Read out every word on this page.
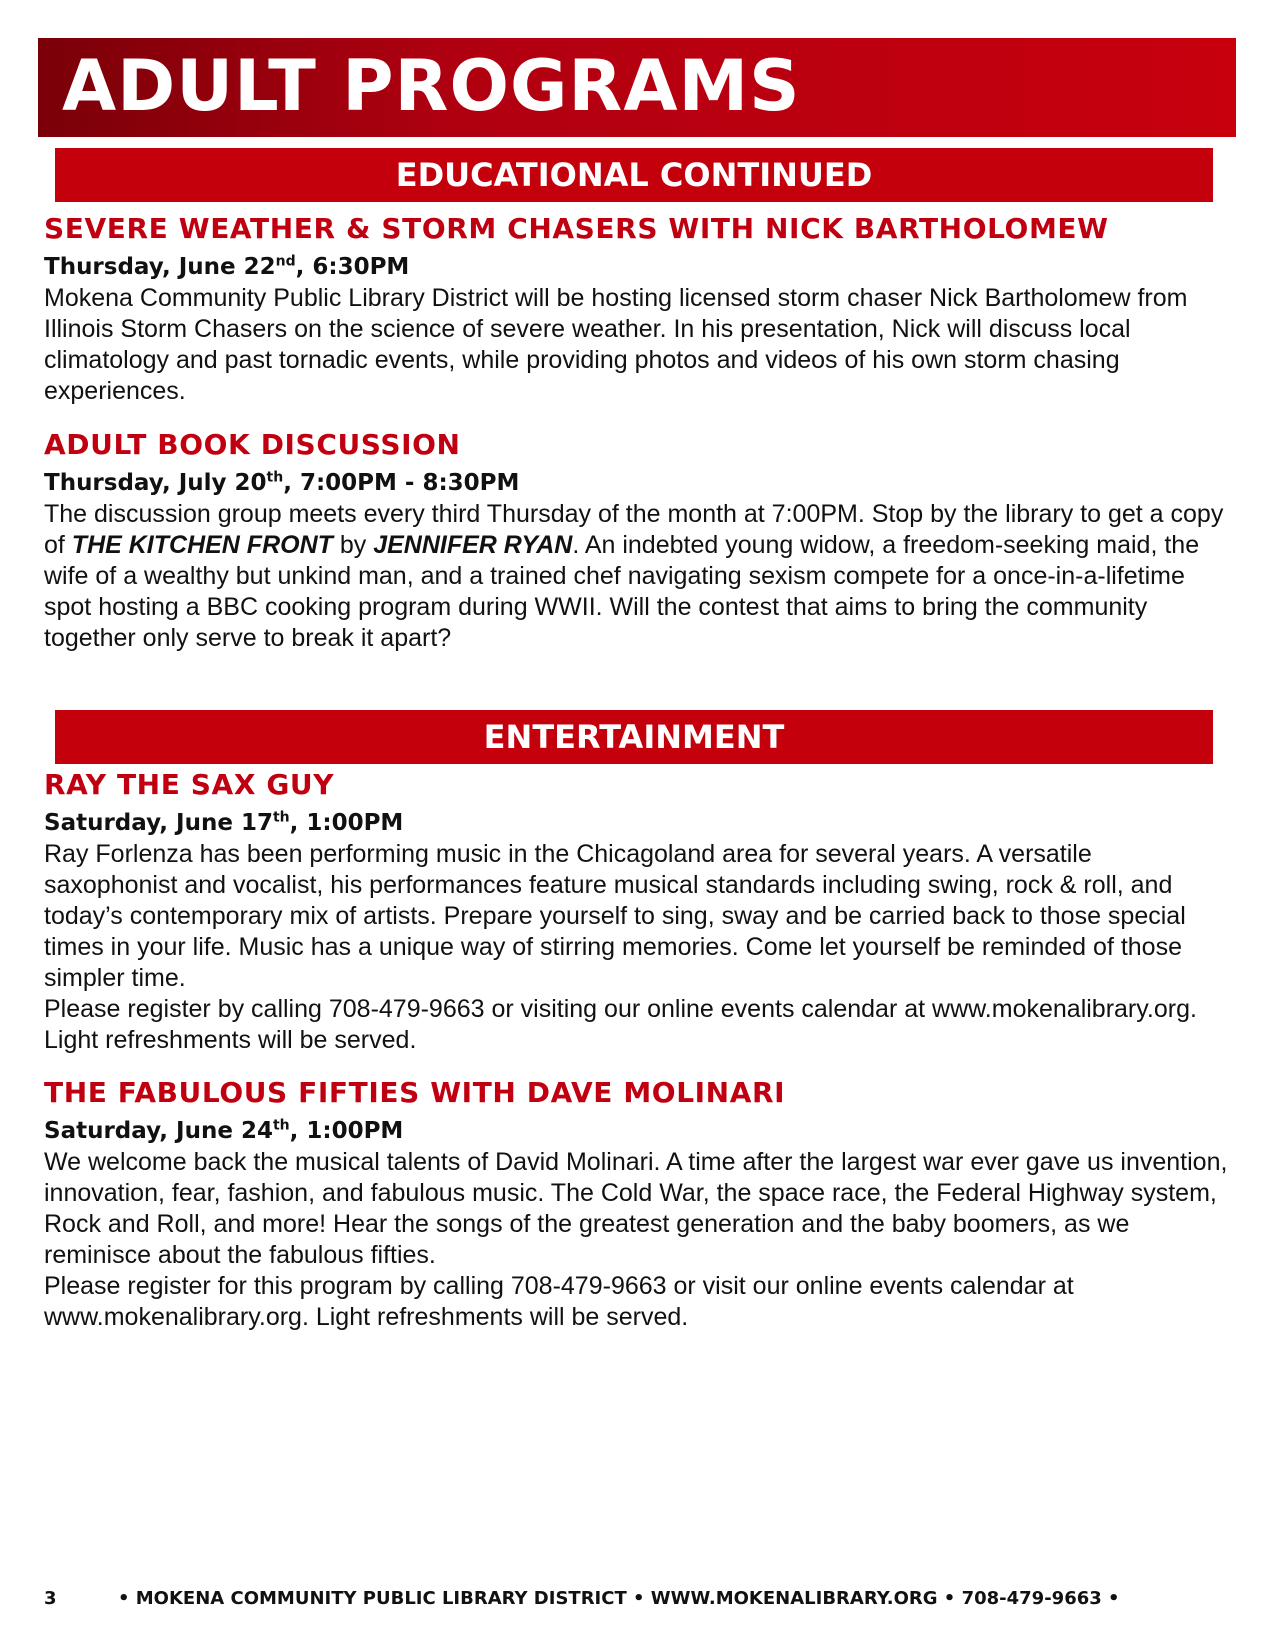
ADULT PROGRAMS
EDUCATIONAL CONTINUED
SEVERE WEATHER & STORM CHASERS WITH NICK BARTHOLOMEW

Thursday, June 22nd, 6:30PM

Mokena Community Public Library District will be hosting licensed storm chaser Nick Bartholomew from Illinois Storm Chasers on the science of severe weather. In his presentation, Nick will discuss local climatology and past tornadic events, while providing photos and videos of his own storm chasing experiences.

ADULT BOOK DISCUSSION

Thursday, July 20th, 7:00PM - 8:30PM

The discussion group meets every third Thursday of the month at 7:00PM. Stop by the library to get a copy of THE KITCHEN FRONT by JENNIFER RYAN. An indebted young widow, a freedom-seeking maid, the wife of a wealthy but unkind man, and a trained chef navigating sexism compete for a once-in-a-lifetime spot hosting a BBC cooking program during WWII. Will the contest that aims to bring the community together only serve to break it apart?

ENTERTAINMENT
RAY THE SAX GUY

Saturday, June 17th, 1:00PM

Ray Forlenza has been performing music in the Chicagoland area for several years. A versatile saxophonist and vocalist, his performances feature musical standards including swing, rock & roll, and today’s contemporary mix of artists. Prepare yourself to sing, sway and be carried back to those special times in your life. Music has a unique way of stirring memories. Come let yourself be reminded of those simpler time.

Please register by calling 708-479-9663 or visiting our online events calendar at www.mokenalibrary.org. Light refreshments will be served.

THE FABULOUS FIFTIES WITH DAVE MOLINARI

Saturday, June 24th, 1:00PM

We welcome back the musical talents of David Molinari. A time after the largest war ever gave us invention, innovation, fear, fashion, and fabulous music. The Cold War, the space race, the Federal Highway system, Rock and Roll, and more! Hear the songs of the greatest generation and the baby boomers, as we reminisce about the fabulous fifties.

Please register for this program by calling 708-479-9663 or visit our online events calendar at www.mokenalibrary.org. Light refreshments will be served.

3	• MOKENA COMMUNITY PUBLIC LIBRARY DISTRICT • WWW.MOKENALIBRARY.ORG • 708-479-9663 •
